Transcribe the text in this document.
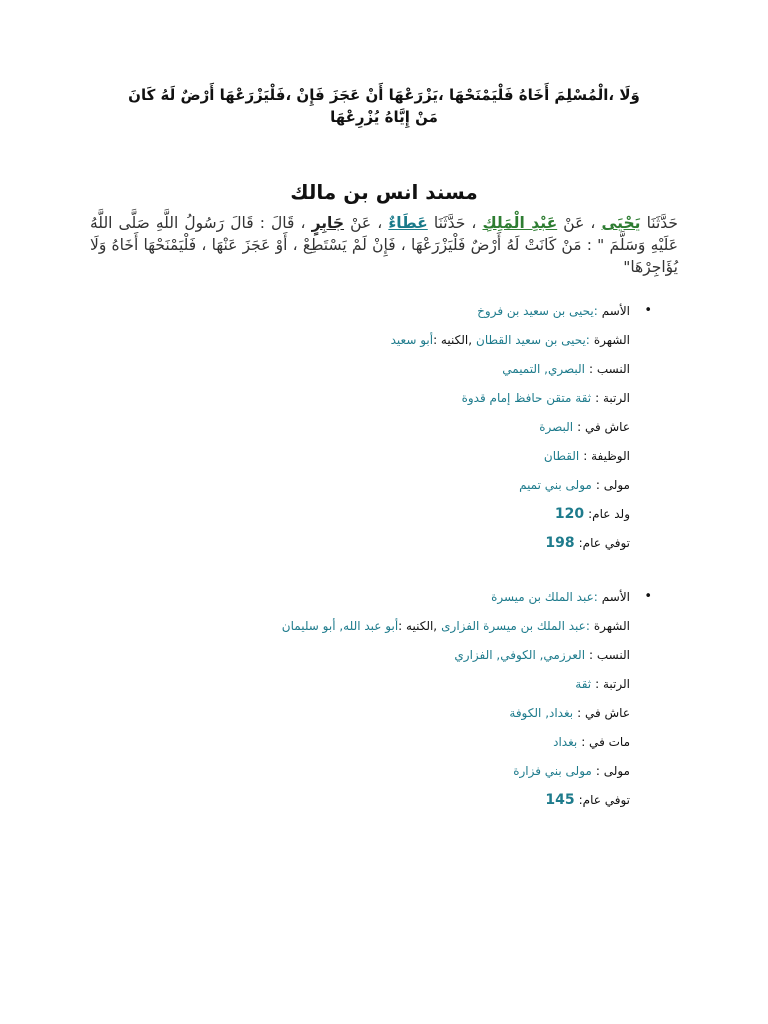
وَلَا ،الْمُسْلِمَ أَخَاهُ فَلْيَمْنَحْهَا ،يَزْرَعْهَا أَنْ عَجَزَ فَإِنْ ،فَلْيَزْرَعْهَا أَرْضٌ لَهُ كَانَ مَنْ إِيَّاهُ يُزْرِعْهَا
مسند انس بن مالك
حَدَّثَنَا يَحْيَى ، عَنْ عَبْدِ الْمَلِكِ ، حَدَّثَنَا عَطَاءٌ ، عَنْ جَابِرٍ ، قَالَ : قَالَ رَسُولُ اللَّهِ صَلَّى اللَّهُ عَلَيْهِ وَسَلَّمَ " : مَنْ كَانَتْ لَهُ أَرْضٌ فَلْيَزْرَعْهَا ، فَإِنْ لَمْ يَسْتَطِعْ ، أَوْ عَجَزَ عَنْهَا ، فَلْيَمْنَحْهَا أَخَاهُ وَلَا يُؤَاجِرْهَا"
•
الأسم:يحيى بن سعيد بن فروخ
الشهرة:يحيى بن سعيد القطان,الكنيه :أبو سعيد
النسب :البصري, التميمي
الرتبة :ثقة متقن حافظ إمام قدوة
عاش في :البصرة
الوظيفة :القطان
مولى :مولى بني تميم
ولد عام:120
توفي عام:198
•
الأسم:عبد الملك بن ميسرة
الشهرة:عبد الملك بن ميسرة الفزارى,الكنيه :أبو عبد الله, أبو سليمان
النسب :العرزمي, الكوفي, الفزاري
الرتبة :ثقة
عاش في :بغداد, الكوفة
مات في :بغداد
مولى :مولى بني فزارة
توفي عام:145
